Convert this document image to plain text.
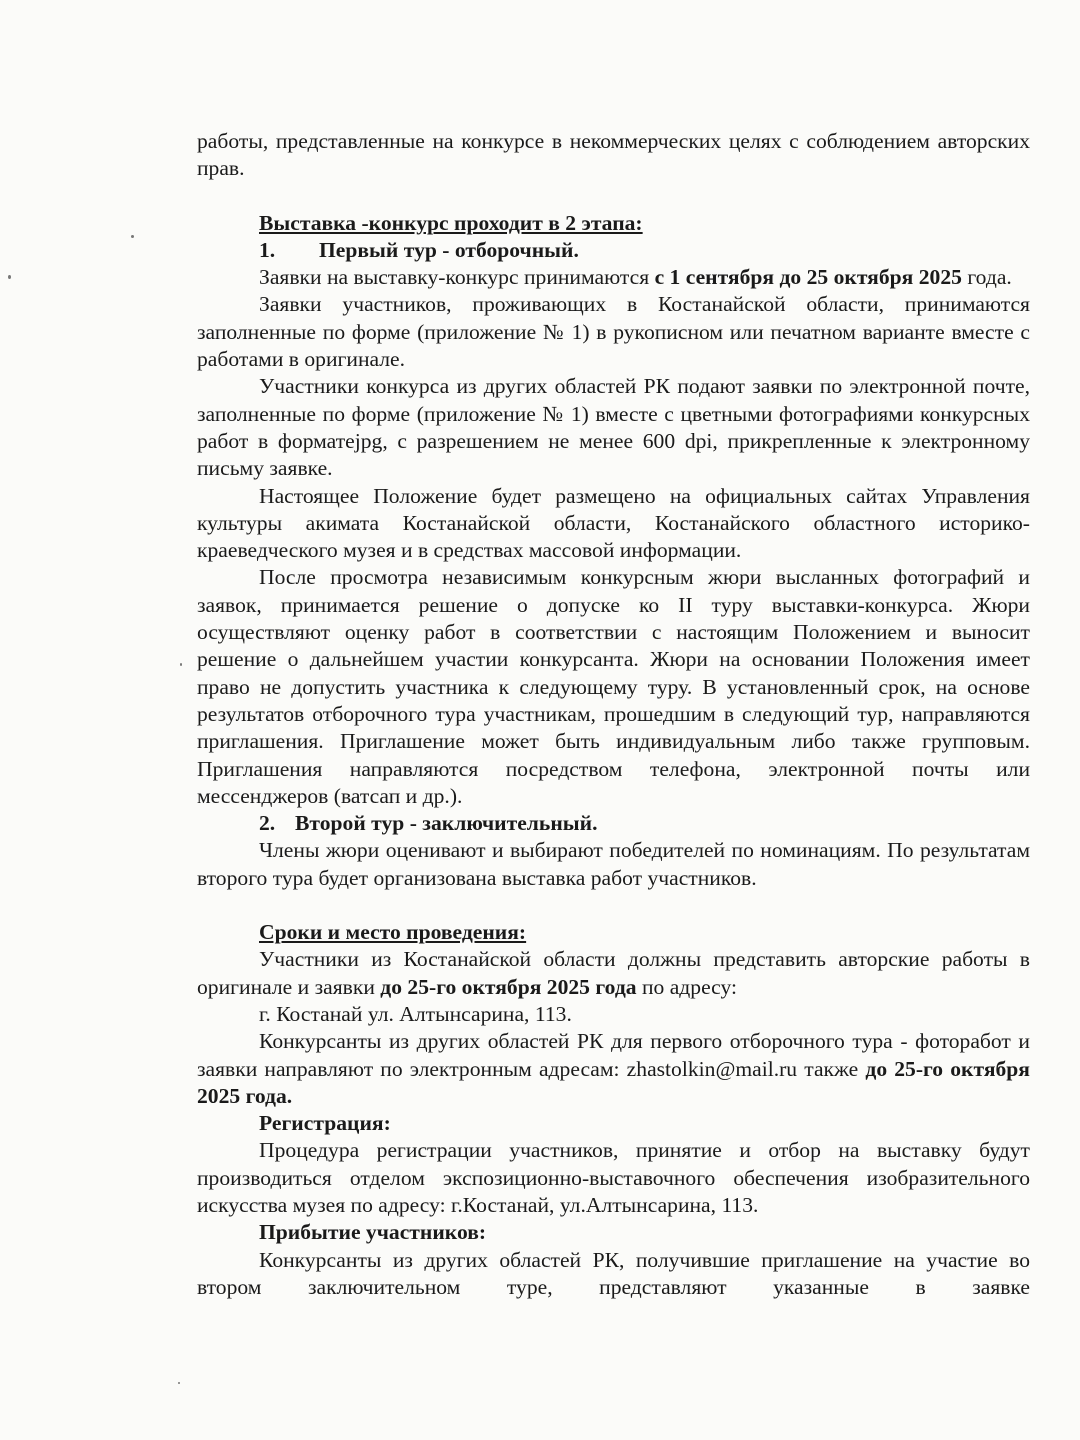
работы, представленные на конкурсе в некоммерческих целях с соблюдением авторских прав.

Выставка -конкурс проходит в 2 этапа:

1. Первый тур - отборочный.

Заявки на выставку-конкурс принимаются с 1 сентября до 25 октября 2025 года.

Заявки участников, проживающих в Костанайской области, принимаются заполненные по форме (приложение № 1) в рукописном или печатном варианте вместе с работами в оригинале.

Участники конкурса из других областей РК подают заявки по электронной почте, заполненные по форме (приложение № 1) вместе с цветными фотографиями конкурсных работ в форматеjpg, с разрешением не менее 600 dpi, прикрепленные к электронному письму заявке.

Настоящее Положение будет размещено на официальных сайтах Управления культуры акимата Костанайской области, Костанайского областного историко-краеведческого музея и в средствах массовой информации.

После просмотра независимым конкурсным жюри высланных фотографий и заявок, принимается решение о допуске ко II туру выставки-конкурса. Жюри осуществляют оценку работ в соответствии с настоящим Положением и выносит решение о дальнейшем участии конкурсанта. Жюри на основании Положения имеет право не допустить участника к следующему туру. В установленный срок, на основе результатов отборочного тура участникам, прошедшим в следующий тур, направляются приглашения. Приглашение может быть индивидуальным либо также групповым. Приглашения направляются посредством телефона, электронной почты или мессенджеров (ватсап и др.).

2. Второй тур - заключительный.

Члены жюри оценивают и выбирают победителей по номинациям. По результатам второго тура будет организована выставка работ участников.

Сроки и место проведения:

Участники из Костанайской области должны представить авторские работы в оригинале и заявки до 25-го октября 2025 года по адресу:

г. Костанай ул. Алтынсарина, 113.

Конкурсанты из других областей РК для первого отборочного тура - фоторабот и заявки направляют по электронным адресам: zhastolkin@mail.ru также до 25-го октября 2025 года.

Регистрация:

Процедура регистрации участников, принятие и отбор на выставку будут производиться отделом экспозиционно-выставочного обеспечения изобразительного искусства музея по адресу: г.Костанай, ул.Алтынсарина, 113.

Прибытие участников:

Конкурсанты из других областей РК, получившие приглашение на участие во втором заключительном туре, представляют указанные в заявке
